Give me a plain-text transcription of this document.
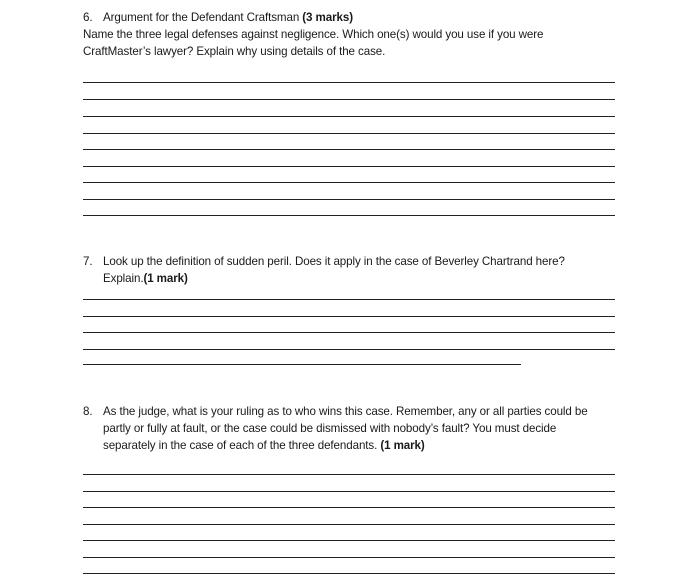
6. Argument for the Defendant Craftsman (3 marks)

Name the three legal defenses against negligence. Which one(s) would you use if you were

CraftMaster’s lawyer? Explain why using details of the case.

7. Look up the definition of sudden peril. Does it apply in the case of Beverley Chartrand here?

Explain.(1 mark)

8. As the judge, what is your ruling as to who wins this case. Remember, any or all parties could be

partly or fully at fault, or the case could be dismissed with nobody’s fault? You must decide

separately in the case of each of the three defendants. (1 mark)
